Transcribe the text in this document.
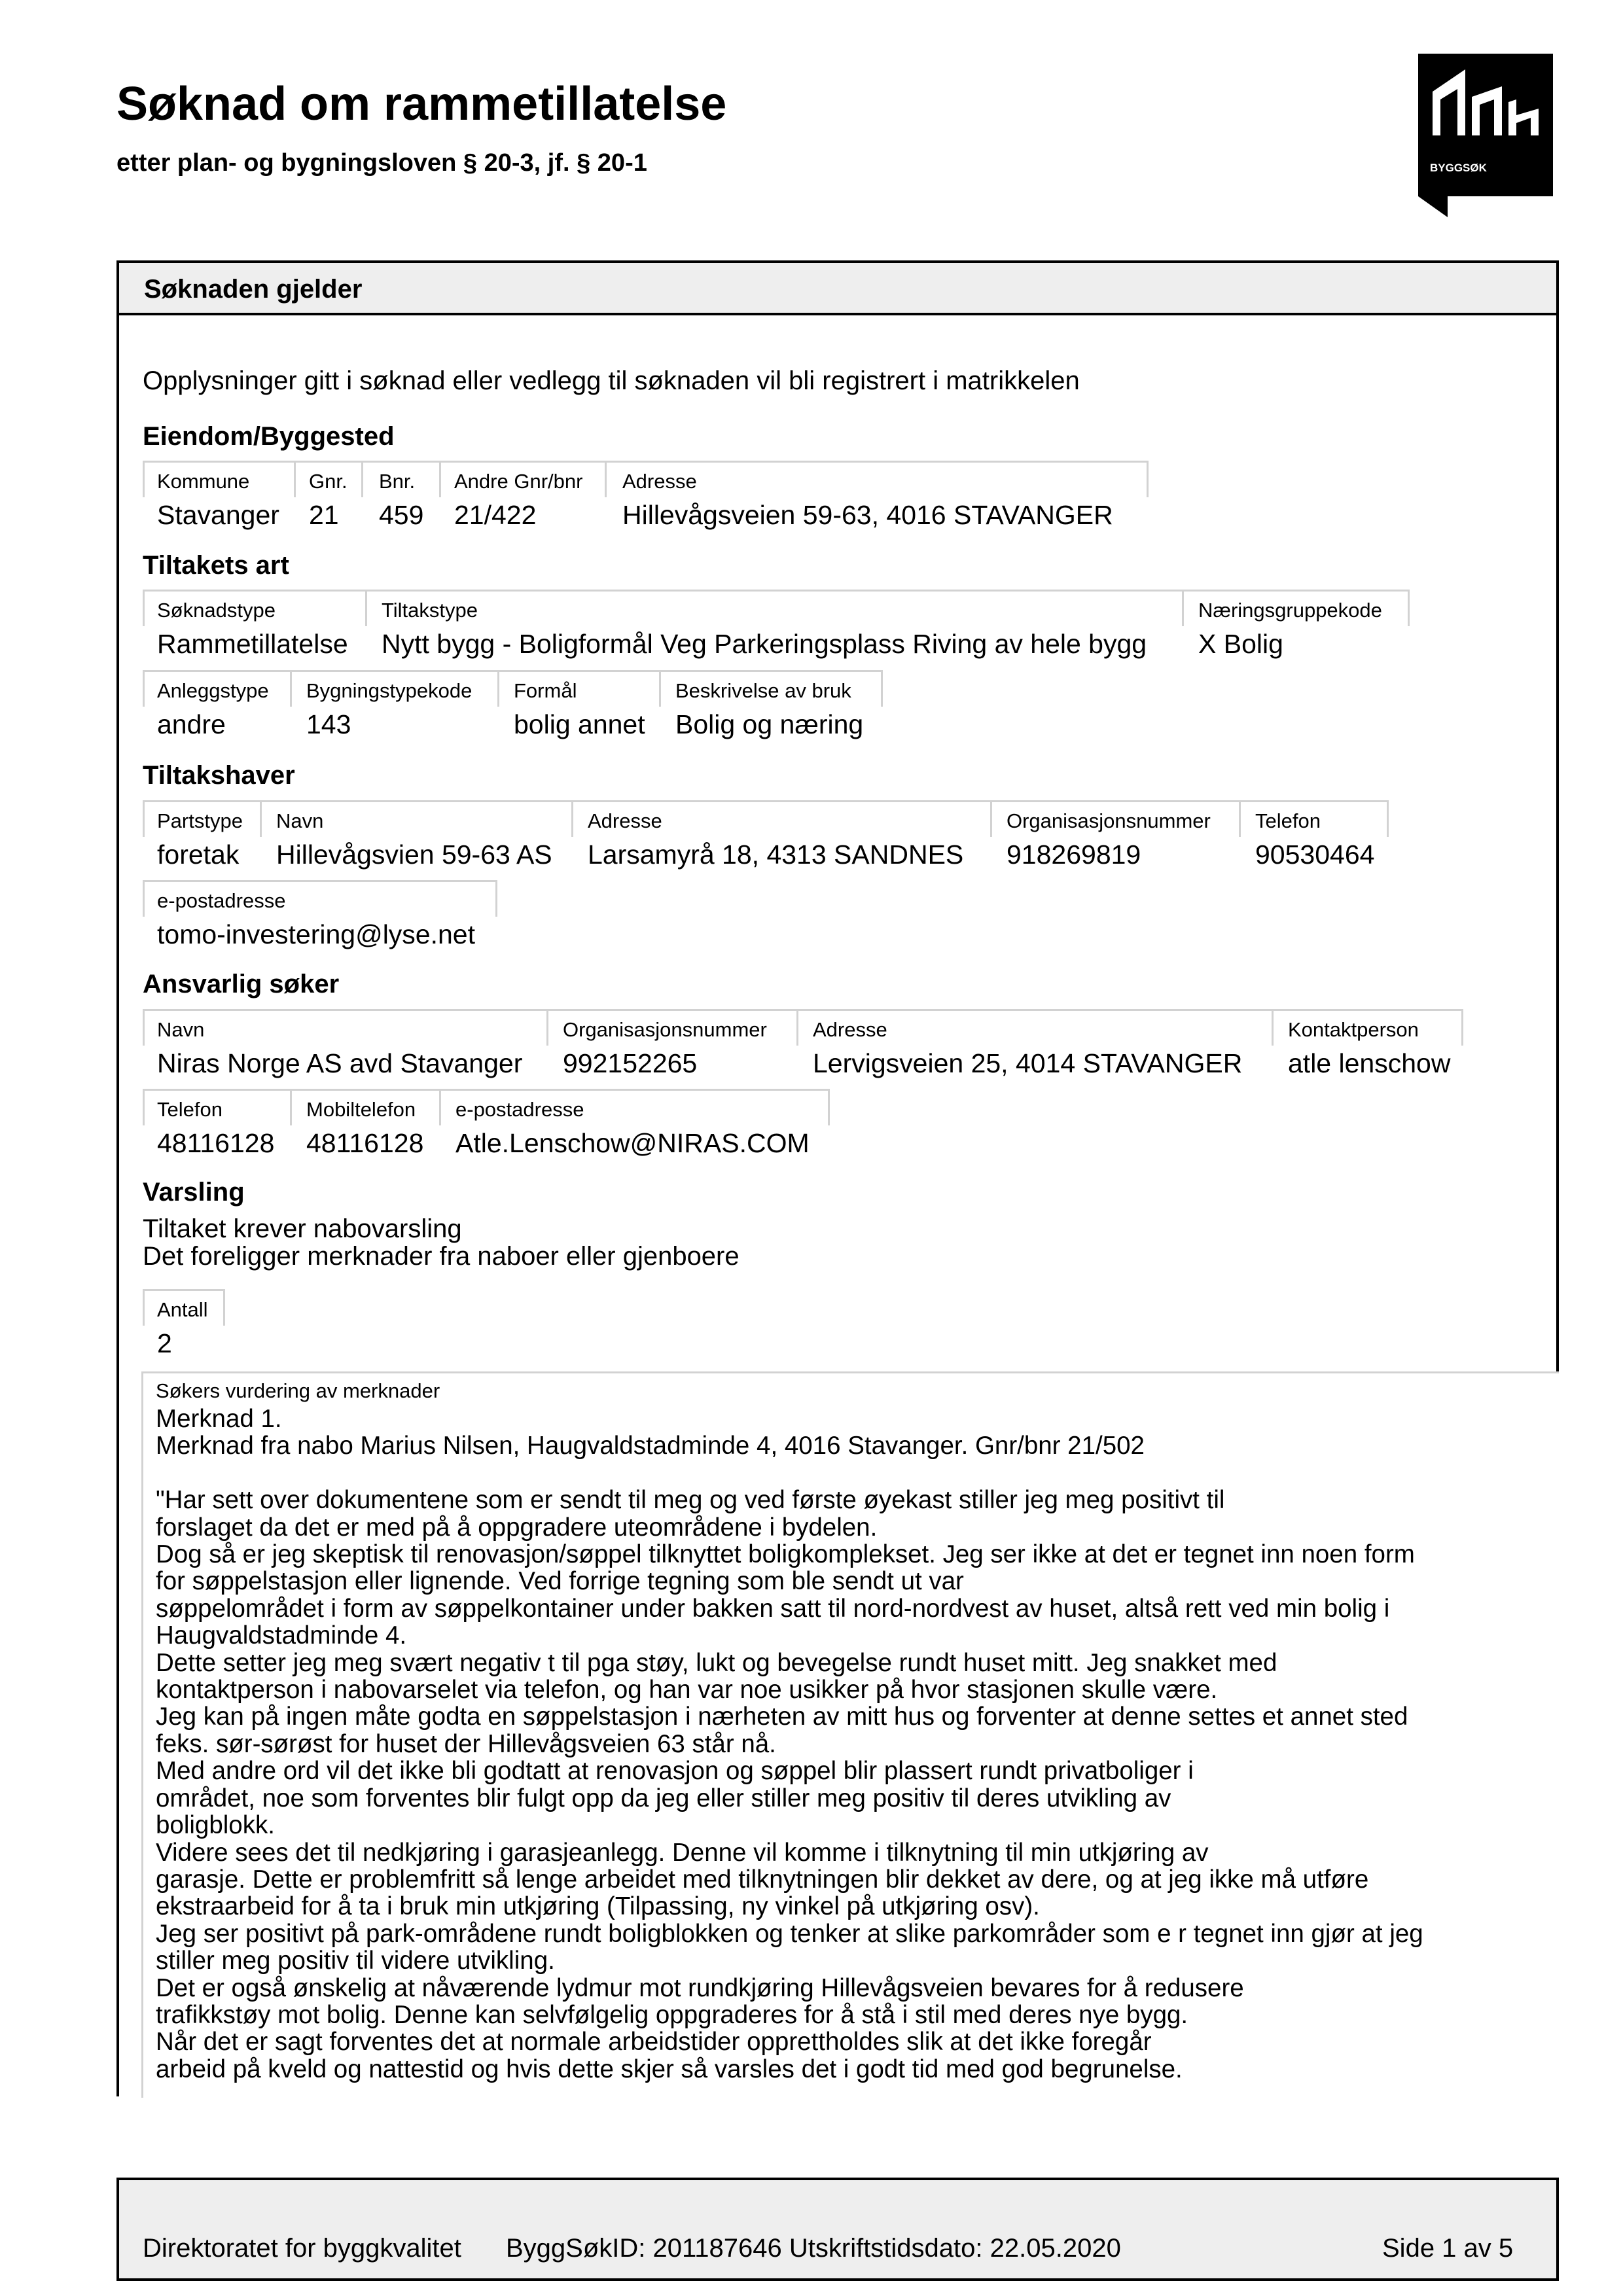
Søknad om rammetillatelse
etter plan- og bygningsloven § 20-3, jf. § 20-1	BYGGSØK
Søknaden gjelder
Opplysninger gitt i søknad eller vedlegg til søknaden vil bli registrert i matrikkelen
Eiendom/Byggested
Kommune
Stavanger
Gnr.
21
Bnr.
459
Andre Gnr/bnr
21/422
Adresse
Hillevågsveien 59-63, 4016 STAVANGER
Tiltakets art
Søknadstype
Rammetillatelse
Tiltakstype
Nytt bygg - Boligformål Veg Parkeringsplass Riving av hele bygg
Næringsgruppekode
X Bolig
Anleggstype
andre
Bygningstypekode
143
Formål
bolig annet
Beskrivelse av bruk
Bolig og næring
Tiltakshaver
Partstype
foretak
Navn
Hillevågsvien 59-63 AS
Adresse
Larsamyrå 18, 4313 SANDNES
Organisasjonsnummer
918269819
Telefon
90530464
e-postadresse
tomo-investering@lyse.net
Ansvarlig søker
Navn
Niras Norge AS avd Stavanger
Organisasjonsnummer
992152265
Adresse
Lervigsveien 25, 4014 STAVANGER
Kontaktperson
atle lenschow
Telefon
48116128
Mobiltelefon
48116128
e-postadresse
Atle.Lenschow@NIRAS.COM
Varsling
Tiltaket krever nabovarsling
Det foreligger merknader fra naboer eller gjenboere
Antall
2
Søkers vurdering av merknader
Merknad 1.
Merknad fra nabo Marius Nilsen, Haugvaldstadminde 4, 4016 Stavanger. Gnr/bnr 21/502

"Har sett over dokumentene som er sendt til meg og ved første øyekast stiller jeg meg positivt til
forslaget da det er med på å oppgradere uteområdene i bydelen.
Dog så er jeg skeptisk til renovasjon/søppel tilknyttet boligkomplekset. Jeg ser ikke at det er tegnet inn noen form
for søppelstasjon eller lignende. Ved forrige tegning som ble sendt ut var
søppelområdet i form av søppelkontainer under bakken satt til nord-nordvest av huset, altså rett ved min bolig i
Haugvaldstadminde 4.
Dette setter jeg meg svært negativ t til pga støy, lukt og bevegelse rundt huset mitt. Jeg snakket med
kontaktperson i nabovarselet via telefon, og han var noe usikker på hvor stasjonen skulle være.
Jeg kan på ingen måte godta en søppelstasjon i nærheten av mitt hus og forventer at denne settes et annet sted
feks. sør-sørøst for huset der Hillevågsveien 63 står nå.
Med andre ord vil det ikke bli godtatt at renovasjon og søppel blir plassert rundt privatboliger i
området, noe som forventes blir fulgt opp da jeg eller stiller meg positiv til deres utvikling av
boligblokk.
Videre sees det til nedkjøring i garasjeanlegg. Denne vil komme i tilknytning til min utkjøring av
garasje. Dette er problemfritt så lenge arbeidet med tilknytningen blir dekket av dere, og at jeg ikke må utføre
ekstraarbeid for å ta i bruk min utkjøring (Tilpassing, ny vinkel på utkjøring osv).
Jeg ser positivt på park-områdene rundt boligblokken og tenker at slike parkområder som e r tegnet inn gjør at jeg
stiller meg positiv til videre utvikling.
Det er også ønskelig at nåværende lydmur mot rundkjøring Hillevågsveien bevares for å redusere
trafikkstøy mot bolig. Denne kan selvfølgelig oppgraderes for å stå i stil med deres nye bygg.
Når det er sagt forventes det at normale arbeidstider opprettholdes slik at det ikke foregår
arbeid på kveld og nattestid og hvis dette skjer så varsles det i godt tid med god begrunelse.
Direktoratet for byggkvalitet ByggSøkID: 201187646 Utskriftstidsdato: 22.05.2020	Side 1 av 5
